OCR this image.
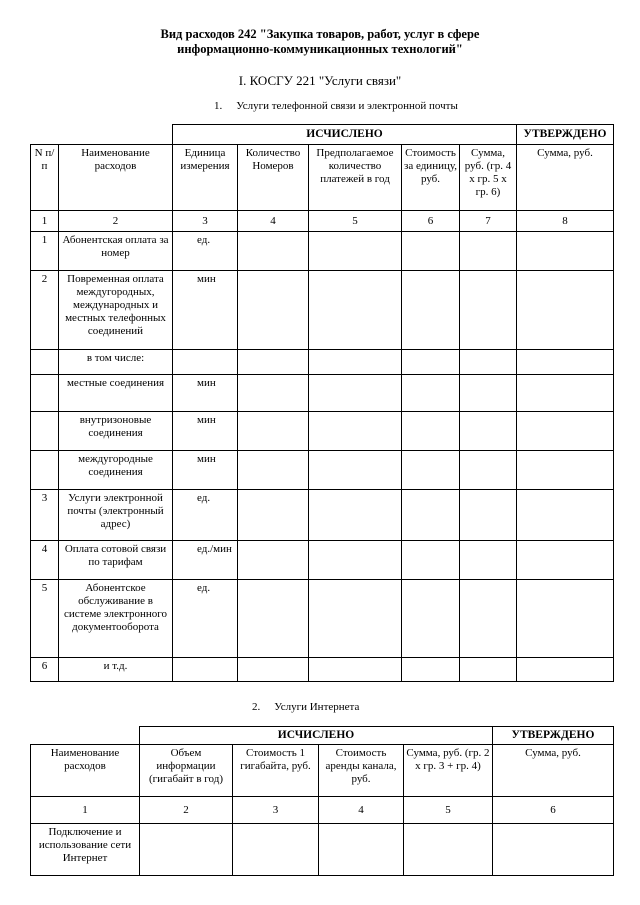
Вид расходов 242 "Закупка товаров, работ, услуг в сфере
информационно-коммуникационных технологий"
I. КОСГУ 221 "Услуги связи"
1. Услуги телефонной связи и электронной почты
		ИСЧИСЛЕНО					УТВЕРЖДЕНО
N п/п	Наименование расходов	Единица измерения	Количество Номеров	Предполагаемое количество платежей в год	Стоимость за единицу, руб.	Сумма, руб. (гр. 4 x гр. 5 x гр. 6)	Сумма, руб.
1	2	3	4	5	6	7	8
1	Абонентская оплата за номер	ед.					
2	Повременная оплата междугородных, международных и местных телефонных соединений	мин					
	в том числе:						
	местные соединения	мин					
	внутризоновые соединения	мин					
	междугородные соединения	мин					
3	Услуги электронной почты (электронный адрес)	ед.					
4	Оплата сотовой связи по тарифам	ед./мин					
5	Абонентское обслуживание в системе электронного документооборота	ед.					
6	и т.д.						
2. Услуги Интернета
	ИСЧИСЛЕНО				УТВЕРЖДЕНО
Наименование расходов	Объем информации (гигабайт в год)	Стоимость 1 гигабайта, руб.	Стоимость аренды канала, руб.	Сумма, руб. (гр. 2 x гр. 3 + гр. 4)	Сумма, руб.
1	2	3	4	5	6
Подключение и использование сети Интернет					
